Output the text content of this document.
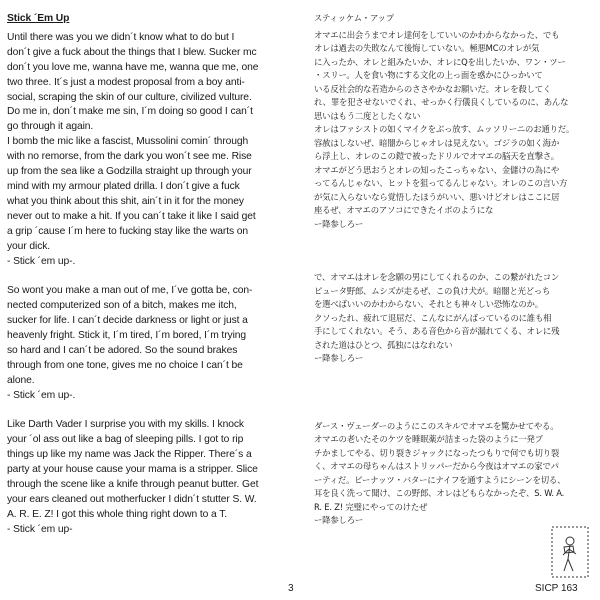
Stick ´Em Up
Until there was you we didn´t know what to do but I
don´t give a fuck about the things that I blew. Sucker mc
don´t you love me, wanna have me, wanna que me, one
two three. It´s just a modest proposal from a boy anti-
social, scraping the skin of our culture, civilized vulture.
Do me in, don´t make me sin, I´m doing so good I can´t
go through it again.
I bomb the mic like a fascist, Mussolini comin´ through
with no remorse, from the dark you won´t see me. Rise
up from the sea like a Godzilla straight up through your
mind with my armour plated drilla. I don´t give a fuck
what you think about this shit, ain´t in it for the money
never out to make a hit. If you can´t take it like I said get
a grip ´cause I´m here to fucking stay like the warts on
your dick.
- Stick ´em up-.
So wont you make a man out of me, I´ve gotta be, con-
nected computerized son of a bitch, makes me itch,
sucker for life. I can´t decide darkness or light or just a
heavenly fright. Stick it, I´m tired, I´m bored, I´m trying
so hard and I can´t be adored. So the sound brakes
through from one tone, gives me no choice I can´t be
alone.
- Stick ´em up-.
Like Darth Vader I surprise you with my skills. I knock
your ´ol ass out like a bag of sleeping pills. I got to rip
things up like my name was Jack the Ripper. There´s a
party at your house cause your mama is a stripper. Slice
through the scene like a knife through peanut butter. Get
your ears cleaned out motherfucker I didn´t stutter S. W.
A. R. E. Z! I got this whole thing right down to a T.
- Stick ´em up-
スティッケム・アップ
オマエに出会うまでオレ達何をしていいのかわからなかった、でも
オレは過去の失敗なんて後悔していない。極悪MCのオレが気
に入ったか、オレと組みたいか、オレにQを出したいか、ワン・ツー
・スリー。人を食い物にする文化の上っ面を惑かにひっかいて
いる反社会的な若造からのささやかなお願いだ。オレを殺してく
れ、罪を犯させないでくれ、せっかく行儀良くしているのに、あんな
思いはもう二度としたくない
オレはファシストの如くマイクをぶっ放す、ムッソリーニのお通りだ。
容赦はしないぜ、暗闇からじゃオレは見えない。ゴジラの如く海か
ら浮上し、オレのこの鎧で被ったドリルでオマエの脳天を直撃さ。
オマエがどう思おうとオレの知ったこっちゃない、金儲けの為にや
ってるんじゃない、ヒットを狙ってるんじゃない。オレのこの言い方
が気に入らないなら覚悟したほうがいい、悪いけどオレはここに居
座るぜ、オマエのアソコにできたイボのようにな
ー降参しろー
で、オマエはオレを念願の男にしてくれるのか、この繋がれたコン
ピュータ野郎、ムシズが走るぜ、この負け犬が。暗闇と光どっち
を選べばいいのかわからない、それとも神々しい恐怖なのか。
クソったれ、疲れて退屈だ、こんなにがんばっているのに誰も相
手にしてくれない。そう、ある音色から音が漏れてくる、オレに残
された道はひとつ、孤独にはなれない
ー降参しろー
ダース・ヴェーダーのようにこのスキルでオマエを驚かせてやる。
オマエの老いたそのケツを睡眠薬が詰まった袋のように一発ブ
チかましてやる、切り裂きジャックになったつもりで何でも切り裂
く、オマエの母ちゃんはストリッパーだから今夜はオマエの家でパ
ーティだ。ピーナッツ・バターにナイフを通すようにシーンを切る、
耳を良く洗って聞け、この野郎、オレはどもらなかったぞ、S. W. A.
R. E. Z! 完璧にやってのけたぜ
ー降参しろー
3	SICP 163
